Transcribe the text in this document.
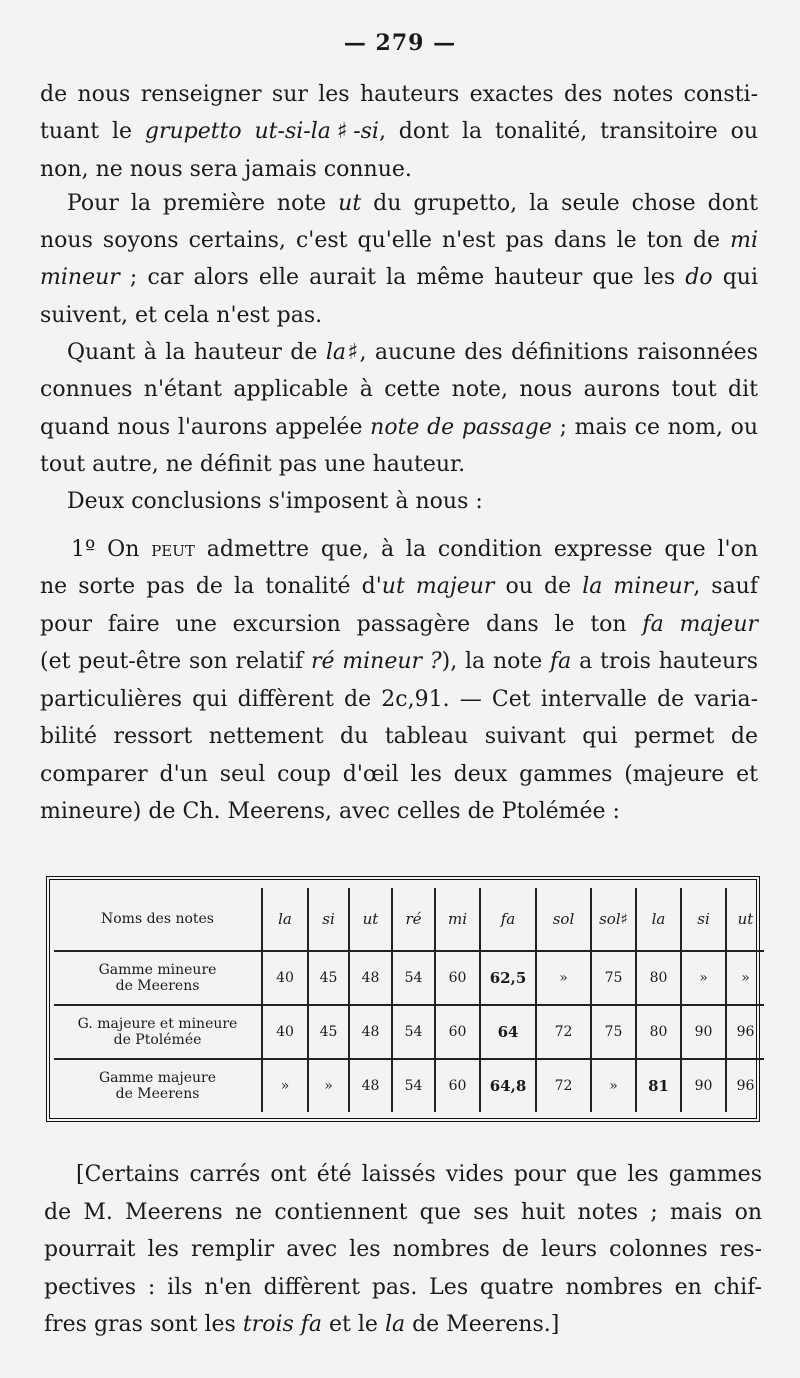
— 279 —
de nous renseigner sur les hauteurs exactes des notes consti-
tuant le grupetto ut-si-la♯-si, dont la tonalité, transitoire ou
non, ne nous sera jamais connue.
Pour la première note ut du grupetto, la seule chose dont
nous soyons certains, c'est qu'elle n'est pas dans le ton de mi
mineur ; car alors elle aurait la même hauteur que les do qui
suivent, et cela n'est pas.
Quant à la hauteur de la♯, aucune des définitions raisonnées
connues n'étant applicable à cette note, nous aurons tout dit
quand nous l'aurons appelée note de passage ; mais ce nom, ou
tout autre, ne définit pas une hauteur.
Deux conclusions s'imposent à nous :
1º On peut admettre que, à la condition expresse que l'on
ne sorte pas de la tonalité d'ut majeur ou de la mineur, sauf
pour faire une excursion passagère dans le ton fa majeur
(et peut-être son relatif ré mineur ?), la note fa a trois hauteurs
particulières qui diffèrent de 2c,91. — Cet intervalle de varia-
bilité ressort nettement du tableau suivant qui permet de
comparer d'un seul coup d'œil les deux gammes (majeure et
mineure) de Ch. Meerens, avec celles de Ptolémée :
Noms des notes	la	si	ut	ré	mi	fa	sol	sol♯	la	si	ut

Gamme mineure
de Meerens	40	45	48	54	60	62,5	»	75	80	»	»

G. majeure et mineure
de Ptolémée	40	45	48	54	60	64	72	75	80	90	96

Gamme majeure
de Meerens	»	»	48	54	60	64,8	72	»	81	90	96
[Certains carrés ont été laissés vides pour que les gammes
de M. Meerens ne contiennent que ses huit notes ; mais on
pourrait les remplir avec les nombres de leurs colonnes res-
pectives : ils n'en diffèrent pas. Les quatre nombres en chif-
fres gras sont les trois fa et le la de Meerens.]
